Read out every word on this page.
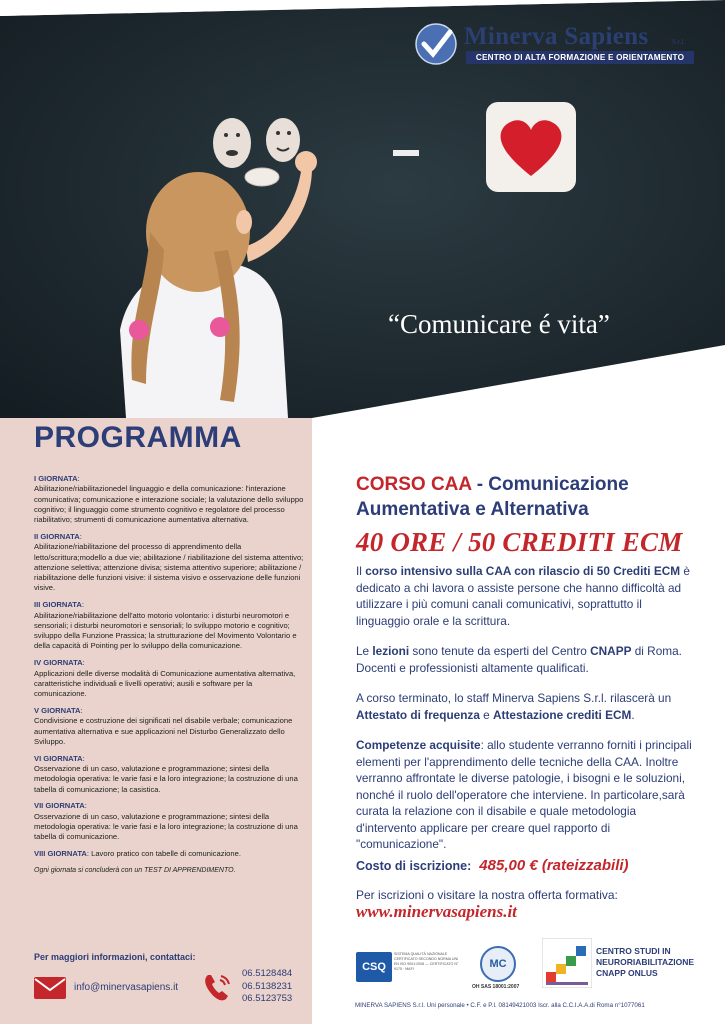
Minerva Sapiens	S.r.l.
CENTRO DI ALTA FORMAZIONE E ORIENTAMENTO
“Comunicare é vita”
PROGRAMMA
I GIORNATA:
Abilitazione/riabilitazionedel linguaggio e della comunicazione: l'interazione comunicativa; comunicazione e interazione sociale; la valutazione dello sviluppo cognitivo; il linguaggio come strumento cognitivo e regolatore del processo riabilitativo; strumenti di comunicazione aumentativa alternativa.
II GIORNATA:
Abilitazione/riabilitazione del processo di apprendimento della letto/scrittura;modello a due vie; abilitazione / riabilitazione del sistema attentivo; attenzione selettiva; attenzione divisa; sistema attentivo superiore; abilitazione / riabilitazione delle funzioni visive: il sistema visivo e osservazione delle funzioni visive.
III GIORNATA:
Abilitazione/riabilitazione dell'atto motorio volontario: i disturbi neuromotori e sensoriali; i disturbi neuromotori e sensoriali; lo sviluppo motorio e cognitivo; sviluppo della Funzione Prassica; la strutturazione del Movimento Volontario e della capacità di Pointing per lo sviluppo della comunicazione.
IV GIORNATA:
Applicazioni delle diverse modalità di Comunicazione aumentativa alternativa, caratteristiche individuali e livelli operativi; ausili e software per la comunicazione.
V GIORNATA:
Condivisione e costruzione dei significati nel disabile verbale; comunicazione aumentativa alternativa e sue applicazioni nel Disturbo Generalizzato dello Sviluppo.
VI GIORNATA:
Osservazione di un caso, valutazione e programmazione; sintesi della metodologia operativa: le varie fasi e la loro integrazione; la costruzione di una tabella di comunicazione; la casistica.
VII GIORNATA:
Osservazione di un caso, valutazione e programmazione; sintesi della metodologia operativa: le varie fasi e la loro integrazione; la costruzione di una tabella di comunicazione.
VIII GIORNATA: Lavoro pratico con tabelle di comunicazione.
Ogni giornata si concluderà con un TEST DI APPRENDIMENTO.
Per maggiori informazioni, contattaci:
info@minervasapiens.it
06.5128484
06.5138231
06.5123753
CORSO CAA - Comunicazione Aumentativa e Alternativa
40 ORE / 50 CREDITI ECM

Il corso intensivo sulla CAA con rilascio di 50 Crediti ECM è dedicato a chi lavora o assiste persone che hanno difficoltà ad utilizzare i più comuni canali comunicativi, soprattutto il linguaggio orale e la scrittura.

Le lezioni sono tenute da esperti del Centro CNAPP di Roma. Docenti e professionisti altamente qualificati.

A corso terminato, lo staff Minerva Sapiens S.r.l. rilascerà un Attestato di frequenza e Attestazione crediti ECM.

Competenze acquisite: allo studente verranno forniti i principali elementi per l'apprendimento delle tecniche della CAA. Inoltre verranno affrontate le diverse patologie, i bisogni e le soluzioni, nonché il ruolo dell'operatore che interviene. In particolare,sarà curata la relazione con il disabile e quale metodologia d'intervento applicare per creare quel rapporto di "comunicazione".

Costo di iscrizione: 485,00 € (rateizzabili)
Per iscrizioni o visitare la nostra offerta formativa:
www.minervasapiens.it
CSQ
SISTEMA QUALITÀ NAZIONALE CERTIFICATO SECONDO NORMA UNI EN ISO 9001:2008 — CERTIFICATO N° 9175 · MAFI	MC
OH SAS 18001:2007
CENTRO STUDI IN
NEURORIABILITAZIONE
CNAPP ONLUS
MINERVA SAPIENS S.r.l. Uni personale • C.F. e P.I. 08149421003 Iscr. alla C.C.I.A.A.di Roma n°1077061
